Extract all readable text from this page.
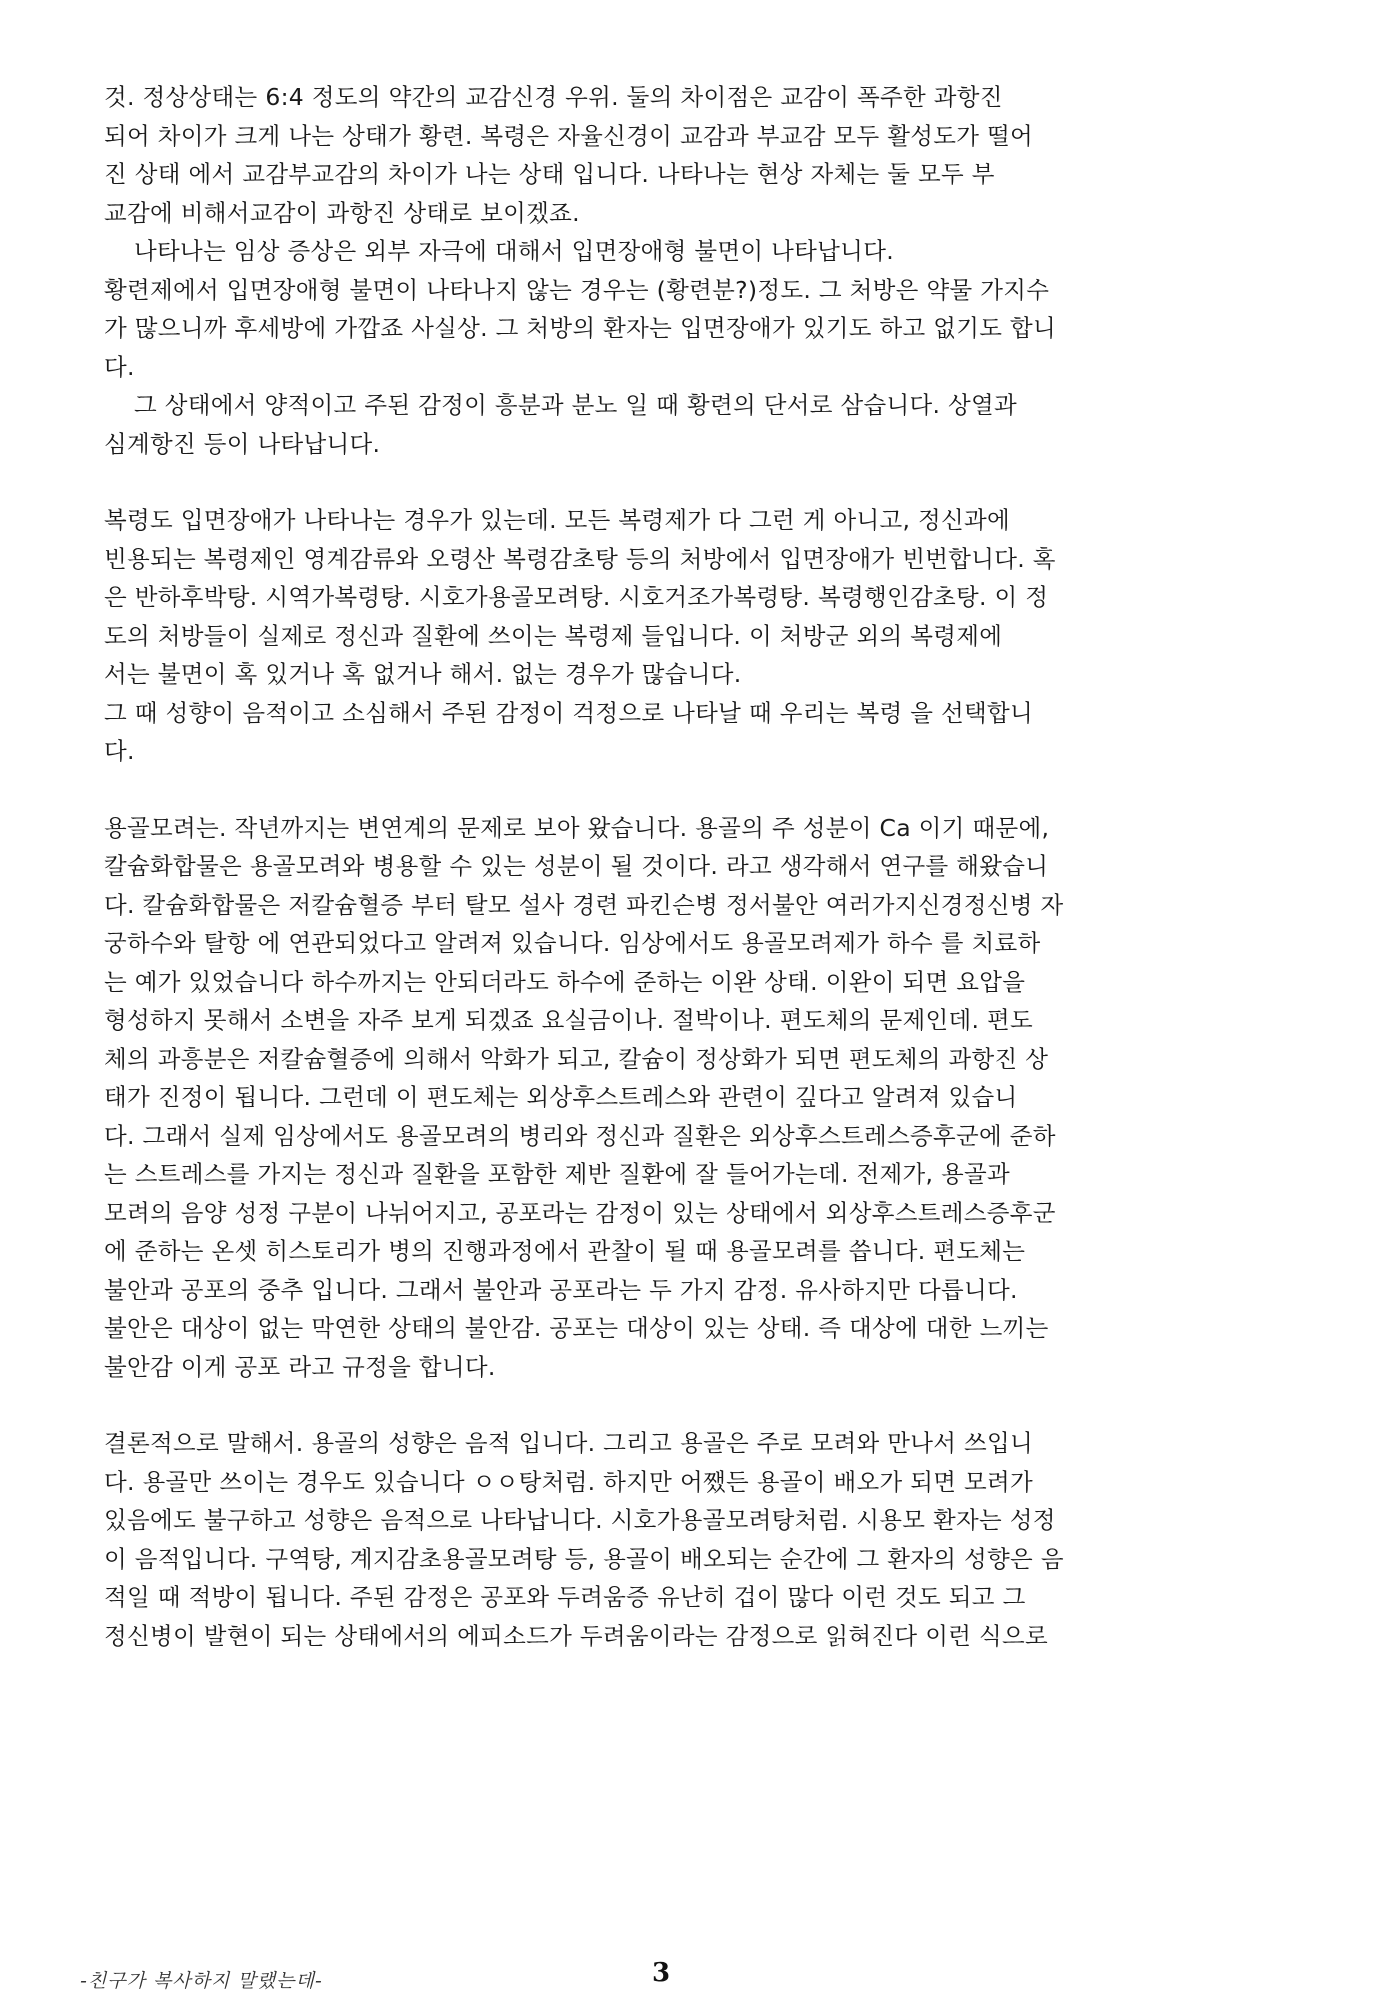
것. 정상상태는 6:4 정도의 약간의 교감신경 우위. 둘의 차이점은 교감이 폭주한 과항진
되어 차이가 크게 나는 상태가 황련. 복령은 자율신경이 교감과 부교감 모두 활성도가 떨어
진 상태 에서 교감부교감의 차이가 나는 상태 입니다. 나타나는 현상 자체는 둘 모두 부
교감에 비해서교감이 과항진 상태로 보이겠죠.
나타나는 임상 증상은 외부 자극에 대해서 입면장애형 불면이 나타납니다.
황련제에서 입면장애형 불면이 나타나지 않는 경우는 (황련분?)정도. 그 처방은 약물 가지수
가 많으니까 후세방에 가깝죠 사실상. 그 처방의 환자는 입면장애가 있기도 하고 없기도 합니
다.
그 상태에서 양적이고 주된 감정이 흥분과 분노 일 때 황련의 단서로 삼습니다. 상열과
심계항진 등이 나타납니다.
복령도 입면장애가 나타나는 경우가 있는데. 모든 복령제가 다 그런 게 아니고, 정신과에
빈용되는 복령제인 영계감류와 오령산 복령감초탕 등의 처방에서 입면장애가 빈번합니다. 혹
은 반하후박탕. 시역가복령탕. 시호가용골모려탕. 시호거조가복령탕. 복령행인감초탕. 이 정
도의 처방들이 실제로 정신과 질환에 쓰이는 복령제 들입니다. 이 처방군 외의 복령제에
서는 불면이 혹 있거나 혹 없거나 해서. 없는 경우가 많습니다.
그 때 성향이 음적이고 소심해서 주된 감정이 걱정으로 나타날 때 우리는 복령 을 선택합니
다.
용골모려는. 작년까지는 변연계의 문제로 보아 왔습니다. 용골의 주 성분이 Ca 이기 때문에,
칼슘화합물은 용골모려와 병용할 수 있는 성분이 될 것이다. 라고 생각해서 연구를 해왔습니
다. 칼슘화합물은 저칼슘혈증 부터 탈모 설사 경련 파킨슨병 정서불안 여러가지신경정신병 자
궁하수와 탈항 에 연관되었다고 알려져 있습니다. 임상에서도 용골모려제가 하수 를 치료하
는 예가 있었습니다 하수까지는 안되더라도 하수에 준하는 이완 상태. 이완이 되면 요압을
형성하지 못해서 소변을 자주 보게 되겠죠 요실금이나. 절박이나. 편도체의 문제인데. 편도
체의 과흥분은 저칼슘혈증에 의해서 악화가 되고, 칼슘이 정상화가 되면 편도체의 과항진 상
태가 진정이 됩니다. 그런데 이 편도체는 외상후스트레스와 관련이 깊다고 알려져 있습니
다. 그래서 실제 임상에서도 용골모려의 병리와 정신과 질환은 외상후스트레스증후군에 준하
는 스트레스를 가지는 정신과 질환을 포함한 제반 질환에 잘 들어가는데. 전제가, 용골과
모려의 음양 성정 구분이 나뉘어지고, 공포라는 감정이 있는 상태에서 외상후스트레스증후군
에 준하는 온셋 히스토리가 병의 진행과정에서 관찰이 될 때 용골모려를 씁니다. 편도체는
불안과 공포의 중추 입니다. 그래서 불안과 공포라는 두 가지 감정. 유사하지만 다릅니다.
불안은 대상이 없는 막연한 상태의 불안감. 공포는 대상이 있는 상태. 즉 대상에 대한 느끼는
불안감 이게 공포 라고 규정을 합니다.
결론적으로 말해서. 용골의 성향은 음적 입니다. 그리고 용골은 주로 모려와 만나서 쓰입니
다. 용골만 쓰이는 경우도 있습니다 ㅇㅇ탕처럼. 하지만 어쨌든 용골이 배오가 되면 모려가
있음에도 불구하고 성향은 음적으로 나타납니다. 시호가용골모려탕처럼. 시용모 환자는 성정
이 음적입니다. 구역탕, 계지감초용골모려탕 등, 용골이 배오되는 순간에 그 환자의 성향은 음
적일 때 적방이 됩니다. 주된 감정은 공포와 두려움증 유난히 겁이 많다 이런 것도 되고 그
정신병이 발현이 되는 상태에서의 에피소드가 두려움이라는 감정으로 읽혀진다 이런 식으로
-친구가 복사하지 말랬는데-	3
